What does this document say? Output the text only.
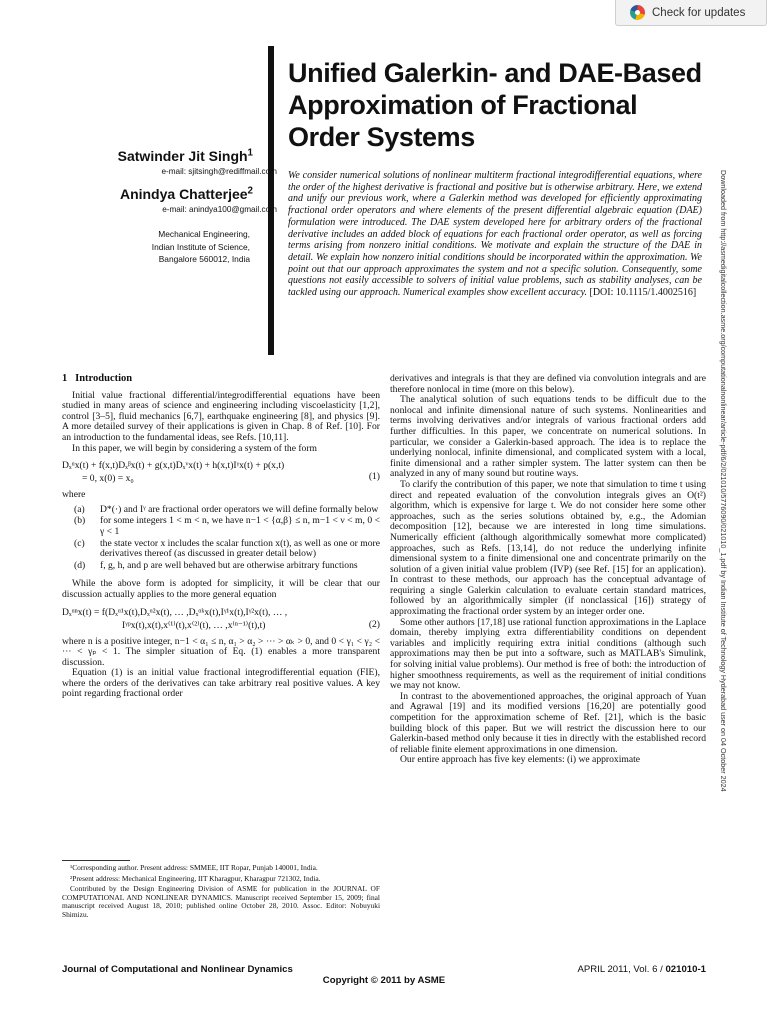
Check for updates
Unified Galerkin- and DAE-Based Approximation of Fractional Order Systems
Satwinder Jit Singh$^1$
e-mail: sjitsingh@rediffmail.com
Anindya Chatterjee$^2$
e-mail: anindya100@gmail.com
Mechanical Engineering,
Indian Institute of Science,
Bangalore 560012, India
We consider numerical solutions of nonlinear multiterm fractional integrodifferential equations, where the order of the highest derivative is fractional and positive but is otherwise arbitrary. Here, we extend and unify our previous work, where a Galerkin method was developed for efficiently approximating fractional order operators and where elements of the present differential algebraic equation (DAE) formulation were introduced. The DAE system developed here for arbitrary orders of the fractional derivative includes an added block of equations for each fractional order operator, as well as forcing terms arising from nonzero initial conditions. We motivate and explain the structure of the DAE in detail. We explain how nonzero initial conditions should be incorporated within the approximation. We point out that our approach approximates the system and not a specific solution. Consequently, some questions not easily accessible to solvers of initial value problems, such as stability analyses, can be tackled using our approach. Numerical examples show excellent accuracy. [DOI: 10.1115/1.4002516]	Downloaded from http://asmedigitalcollection.asme.org/computationalnonlinear/article-pdf/6/2/021010/5776090/021010_1.pdf by Indian Institute of Technology Hyderabad user on 04 October 2024
1 Introduction

Initial value fractional differential/integrodifferential equations have been studied in many areas of science and engineering including viscoelasticity [1,2], control [3–5], fluid mechanics [6,7], earthquake engineering [8], and physics [9]. A more detailed survey of their applications is given in Chap. 8 of Ref. [10]. For an introduction to the fundamental ideas, see Refs. [10,11].

In this paper, we will begin by considering a system of the form

Dₓᵅx(t) + f(x,t)Dₓᵝx(t) + g(x,t)Dₓᵛx(t) + h(x,t)Iᵞx(t) + p(x,t)
= 0, x(0) = x₀	(1)

where

(a)	D*(·) and Iᵞ are fractional order operators we will define formally below
(b)	for some integers 1 < m < n, we have n−1 < {α,β} ≤ n, m−1 < ν < m, 0 < γ < 1
(c)	the state vector x includes the scalar function x(t), as well as one or more derivatives thereof (as discussed in greater detail below)
(d)	f, g, h, and p are well behaved but are otherwise arbitrary functions

While the above form is adopted for simplicity, it will be clear that our discussion actually applies to the more general equation

Dₓᵅⁿx(t) = f(Dₓᵅ¹x(t),Dₓᵅ²x(t), … ,Dₓᵅᵏx(t),Iᵞ¹x(t),Iᵞ²x(t), … ,
Iᵞᵖx(t),x(t),x⁽¹⁾(t),x⁽²⁾(t), … ,x⁽ⁿ⁻¹⁾(t),t)	(2)

where n is a positive integer, n−1 < α₁ ≤ n, α₁ > α₂ > ⋯ > αₖ > 0, and 0 < γ₁ < γ₂ < ⋯ < γₚ < 1. The simpler situation of Eq. (1) enables a more transparent discussion.

Equation (1) is an initial value fractional integrodifferential equation (FIE), where the orders of the derivatives can take arbitrary real positive values. A key point regarding fractional order

¹Corresponding author. Present address: SMMEE, IIT Ropar, Punjab 140001, India.

²Present address: Mechanical Engineering, IIT Kharagpur, Kharagpur 721302, India.

Contributed by the Design Engineering Division of ASME for publication in the JOURNAL OF COMPUTATIONAL AND NONLINEAR DYNAMICS. Manuscript received September 15, 2009; final manuscript received August 18, 2010; published online October 28, 2010. Assoc. Editor: Nobuyuki Shimizu.

derivatives and integrals is that they are defined via convolution integrals and are therefore nonlocal in time (more on this below).

The analytical solution of such equations tends to be difficult due to the nonlocal and infinite dimensional nature of such systems. Nonlinearities and terms involving derivatives and/or integrals of various fractional orders add further difficulties. In this paper, we concentrate on numerical solutions. In particular, we consider a Galerkin-based approach. The idea is to replace the underlying nonlocal, infinite dimensional, and complicated system with a local, finite dimensional and a rather simpler system. The latter system can then be analyzed in any of many sound but routine ways.

To clarify the contribution of this paper, we note that simulation to time t using direct and repeated evaluation of the convolution integrals gives an O(t²) algorithm, which is expensive for large t. We do not consider here some other approaches, such as the series solutions obtained by, e.g., the Adomian decomposition [12], because we are interested in long time simulations. Numerically efficient (although algorithmically somewhat more complicated) approaches, such as Refs. [13,14], do not reduce the underlying infinite dimensional system to a finite dimensional one and concentrate primarily on the solution of a given initial value problem (IVP) (see Ref. [15] for an application). In contrast to these methods, our approach has the conceptual advantage of requiring a single Galerkin calculation to evaluate certain standard matrices, followed by an algorithmically simpler (if nonclassical [16]) strategy of approximating the fractional order system by an integer order one.

Some other authors [17,18] use rational function approximations in the Laplace domain, thereby implying extra differentiability conditions on dependent variables and implicitly requiring extra initial conditions (although such approximations may then be put into a software, such as MATLAB's Simulink, for solving initial value problems). Our method is free of both: the introduction of higher smoothness requirements, as well as the requirement of initial conditions we may not know.

In contrast to the abovementioned approaches, the original approach of Yuan and Agrawal [19] and its modified versions [16,20] are potentially good competition for the approximation scheme of Ref. [21], which is the basic building block of this paper. But we will restrict the discussion here to our Galerkin-based method only because it ties in directly with the established record of reliable finite element approximations in one dimension.

Our entire approach has five key elements: (i) we approximate

Journal of Computational and Nonlinear Dynamics
Copyright © 2011 by ASME
APRIL 2011, Vol. 6 / 021010-1
